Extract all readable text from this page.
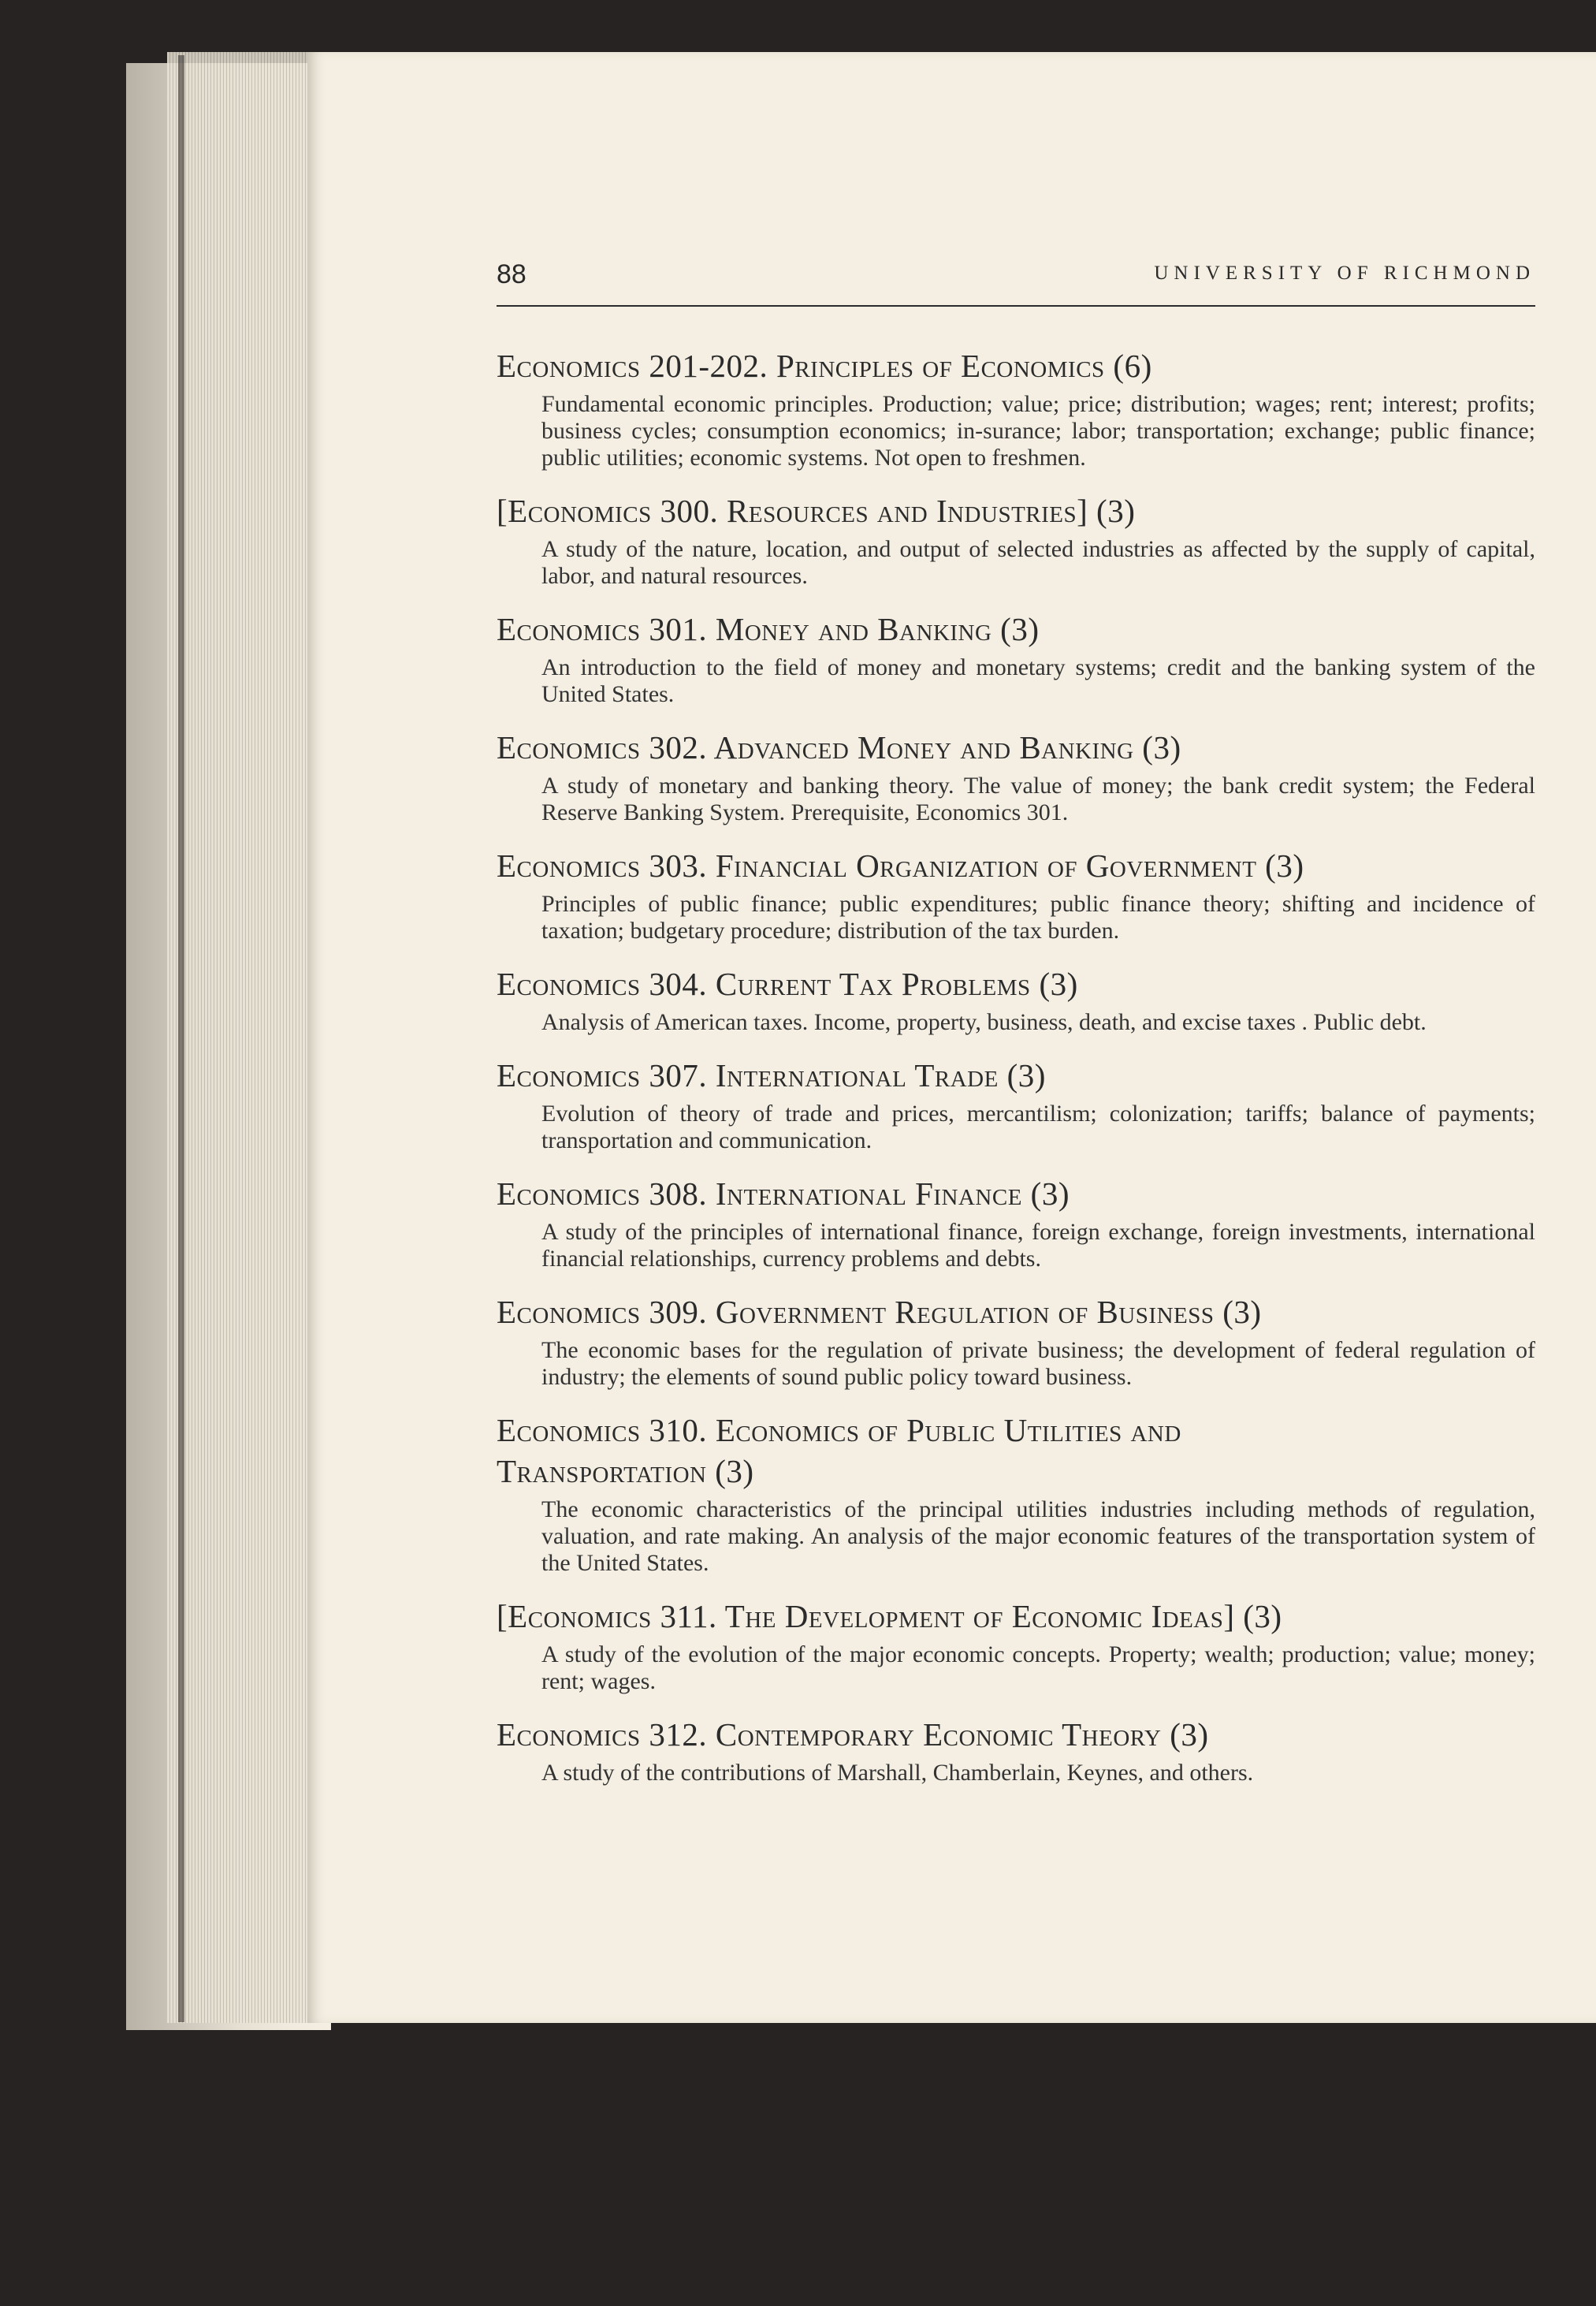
88	UNIVERSITY OF RICHMOND
Economics 201-202. Principles of Economics (6)
Fundamental economic principles. Production; value; price; distribution; wages; rent; interest; profits; business cycles; consumption economics; in-surance; labor; transportation; exchange; public finance; public utilities; economic systems. Not open to freshmen.
[Economics 300. Resources and Industries] (3)
A study of the nature, location, and output of selected industries as affected by the supply of capital, labor, and natural resources.
Economics 301. Money and Banking (3)
An introduction to the field of money and monetary systems; credit and the banking system of the United States.
Economics 302. Advanced Money and Banking (3)
A study of monetary and banking theory. The value of money; the bank credit system; the Federal Reserve Banking System. Prerequisite, Economics 301.
Economics 303. Financial Organization of Government (3)
Principles of public finance; public expenditures; public finance theory; shifting and incidence of taxation; budgetary procedure; distribution of the tax burden.
Economics 304. Current Tax Problems (3)
Analysis of American taxes. Income, property, business, death, and excise taxes . Public debt.
Economics 307. International Trade (3)
Evolution of theory of trade and prices, mercantilism; colonization; tariffs; balance of payments; transportation and communication.
Economics 308. International Finance (3)
A study of the principles of international finance, foreign exchange, foreign investments, international financial relationships, currency problems and debts.
Economics 309. Government Regulation of Business (3)
The economic bases for the regulation of private business; the development of federal regulation of industry; the elements of sound public policy toward business.
Economics 310. Economics of Public Utilities and Transportation (3)
The economic characteristics of the principal utilities industries including methods of regulation, valuation, and rate making. An analysis of the major economic features of the transportation system of the United States.
[Economics 311. The Development of Economic Ideas] (3)
A study of the evolution of the major economic concepts. Property; wealth; production; value; money; rent; wages.
Economics 312. Contemporary Economic Theory (3)
A study of the contributions of Marshall, Chamberlain, Keynes, and others.
